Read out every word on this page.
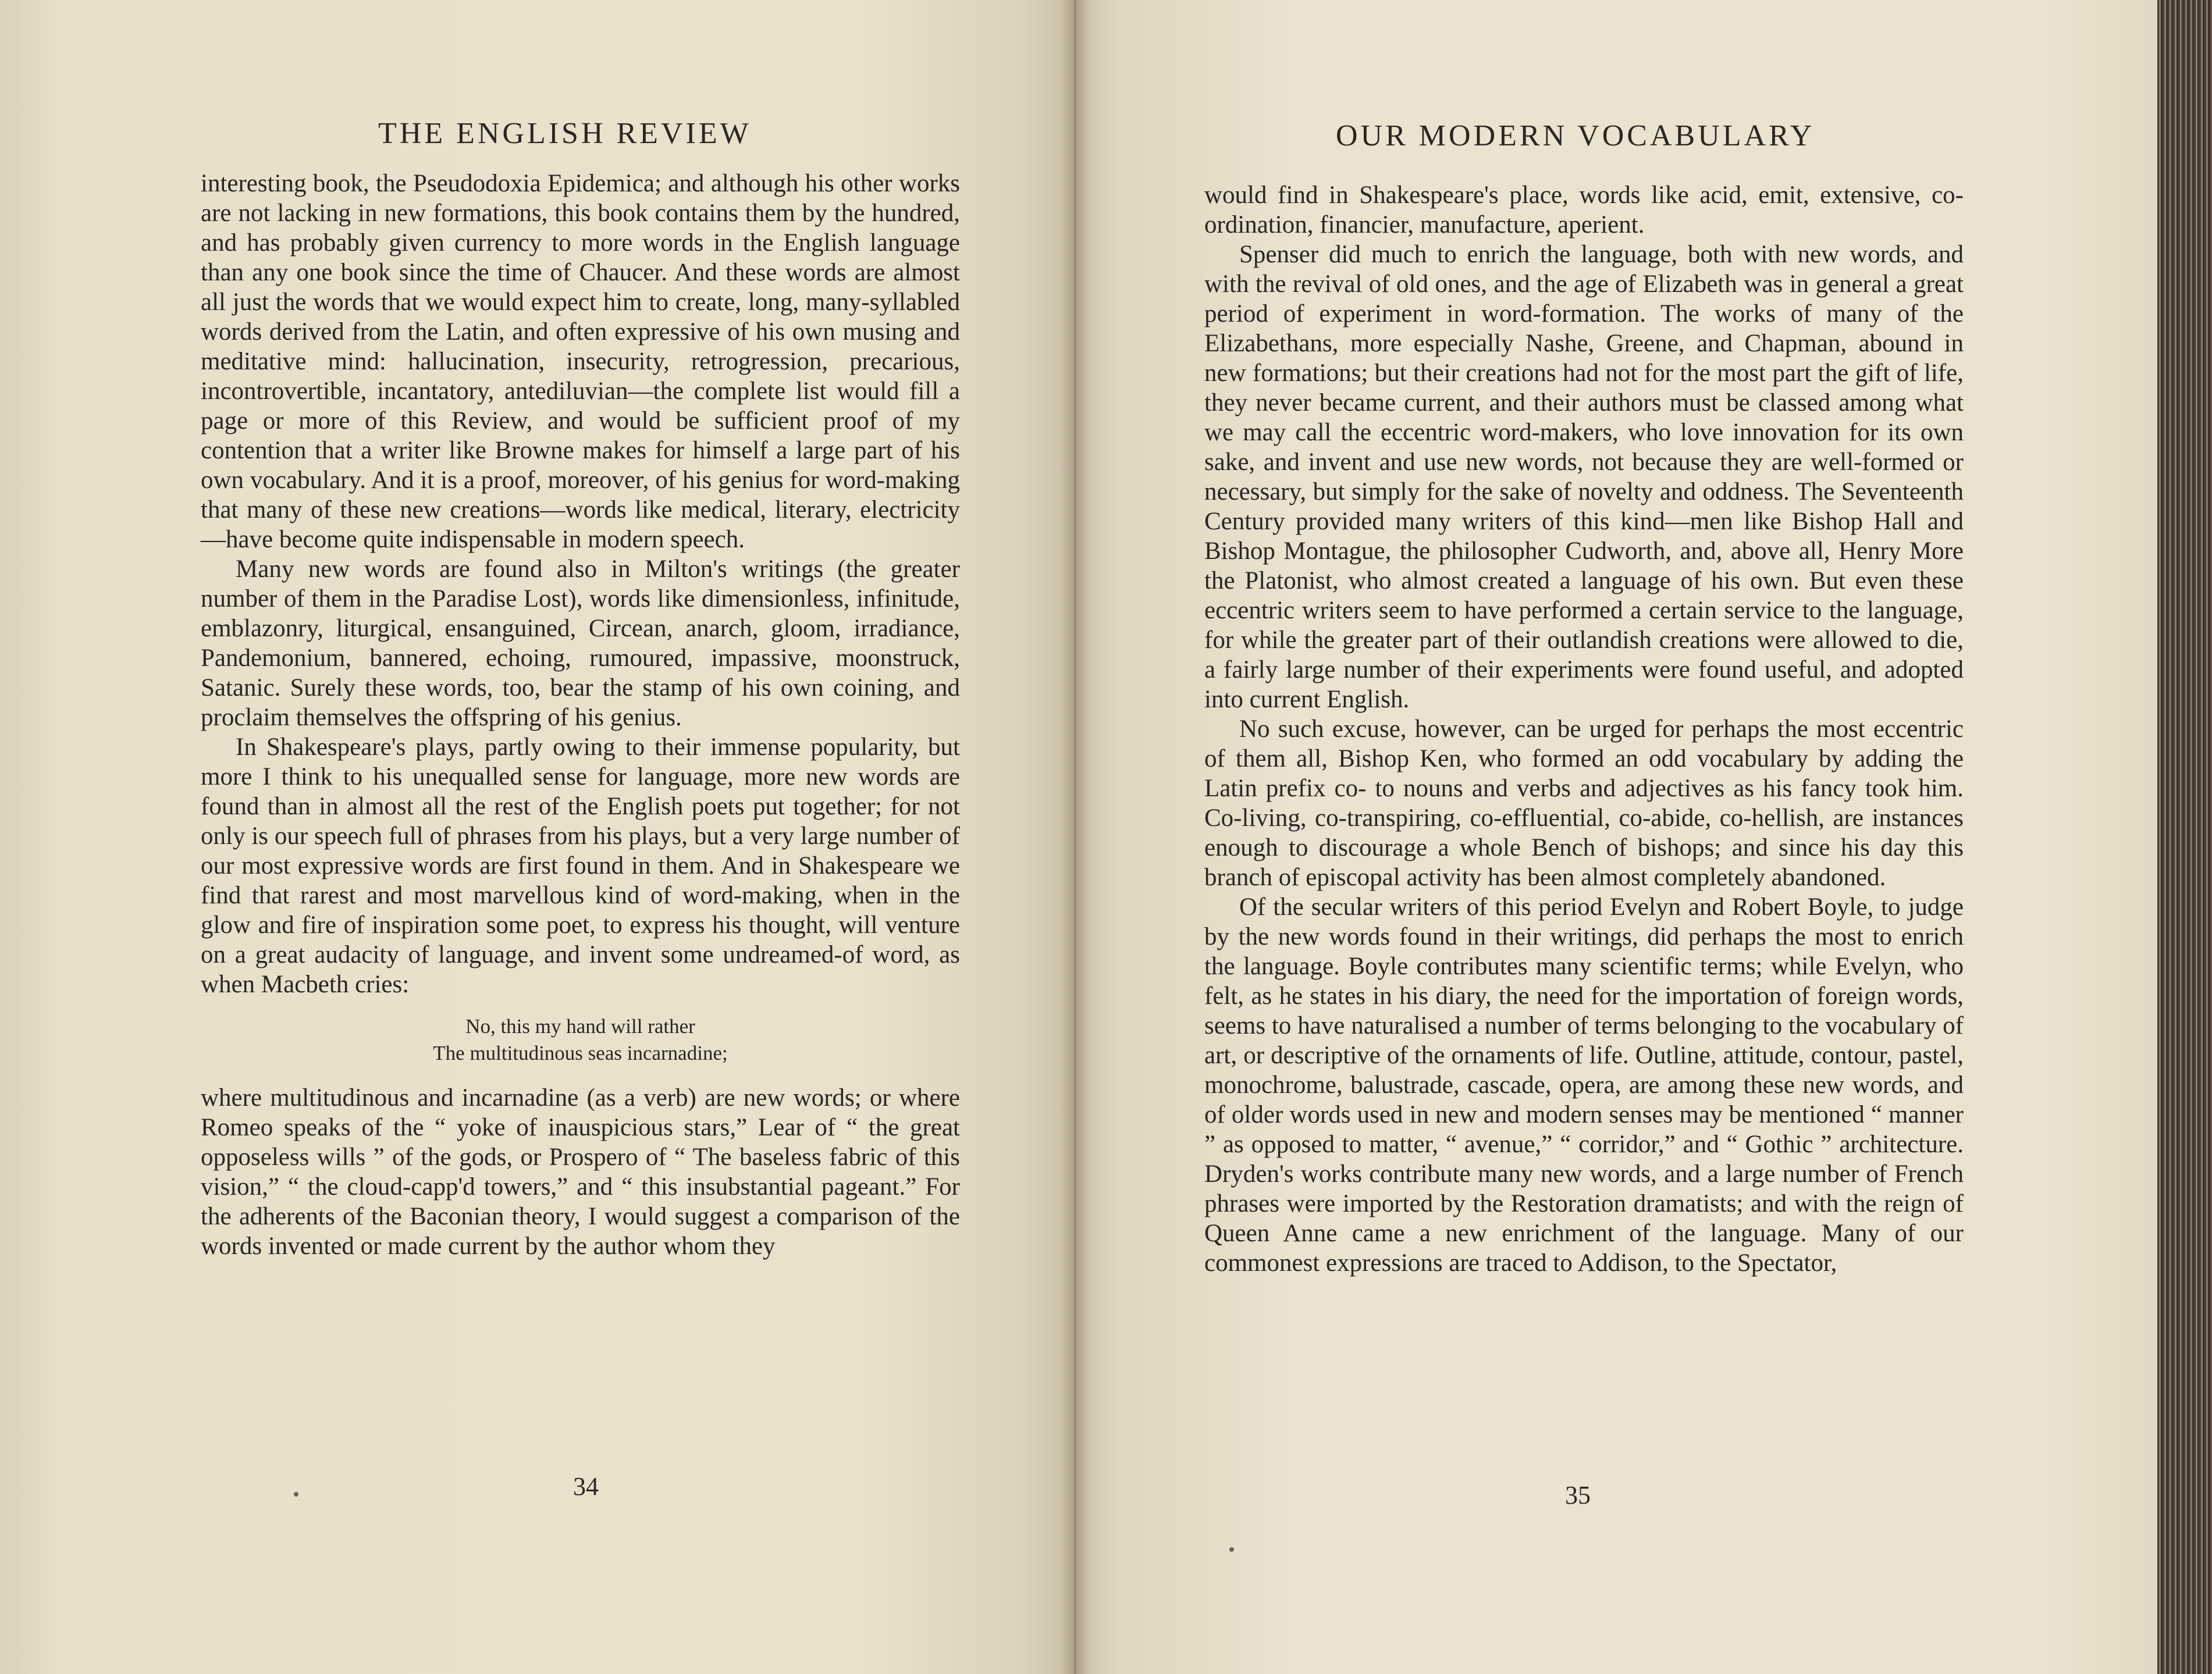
THE ENGLISH REVIEW

interesting book, the Pseudodoxia Epidemica; and although his other works are not lacking in new formations, this book contains them by the hundred, and has probably given currency to more words in the English language than any one book since the time of Chaucer. And these words are almost all just the words that we would expect him to create, long, many-syllabled words derived from the Latin, and often expressive of his own musing and meditative mind: hallucination, insecurity, retrogression, precarious, incontrovertible, incantatory, antediluvian—the complete list would fill a page or more of this Review, and would be sufficient proof of my contention that a writer like Browne makes for himself a large part of his own vocabulary. And it is a proof, moreover, of his genius for word-making that many of these new creations—words like medical, literary, electricity—have become quite indispensable in modern speech.

Many new words are found also in Milton's writings (the greater number of them in the Paradise Lost), words like dimensionless, infinitude, emblazonry, liturgical, ensanguined, Circean, anarch, gloom, irradiance, Pandemonium, bannered, echoing, rumoured, impassive, moonstruck, Satanic. Surely these words, too, bear the stamp of his own coining, and proclaim themselves the offspring of his genius.

In Shakespeare's plays, partly owing to their immense popularity, but more I think to his unequalled sense for language, more new words are found than in almost all the rest of the English poets put together; for not only is our speech full of phrases from his plays, but a very large number of our most expressive words are first found in them. And in Shakespeare we find that rarest and most marvellous kind of word-making, when in the glow and fire of inspiration some poet, to express his thought, will venture on a great audacity of language, and invent some undreamed-of word, as when Macbeth cries:

No, this my hand will rather
The multitudinous seas incarnadine;

where multitudinous and incarnadine (as a verb) are new words; or where Romeo speaks of the “ yoke of inauspicious stars,” Lear of “ the great opposeless wills ” of the gods, or Prospero of “ The baseless fabric of this vision,” “ the cloud-capp'd towers,” and “ this insubstantial pageant.” For the adherents of the Baconian theory, I would suggest a comparison of the words invented or made current by the author whom they

34
OUR MODERN VOCABULARY

would find in Shakespeare's place, words like acid, emit, extensive, co-ordination, financier, manufacture, aperient.

Spenser did much to enrich the language, both with new words, and with the revival of old ones, and the age of Elizabeth was in general a great period of experiment in word-formation. The works of many of the Elizabethans, more especially Nashe, Greene, and Chapman, abound in new formations; but their creations had not for the most part the gift of life, they never became current, and their authors must be classed among what we may call the eccentric word-makers, who love innovation for its own sake, and invent and use new words, not because they are well-formed or necessary, but simply for the sake of novelty and oddness. The Seventeenth Century provided many writers of this kind—men like Bishop Hall and Bishop Montague, the philosopher Cudworth, and, above all, Henry More the Platonist, who almost created a language of his own. But even these eccentric writers seem to have performed a certain service to the language, for while the greater part of their outlandish creations were allowed to die, a fairly large number of their experiments were found useful, and adopted into current English.

No such excuse, however, can be urged for perhaps the most eccentric of them all, Bishop Ken, who formed an odd vocabulary by adding the Latin prefix co- to nouns and verbs and adjectives as his fancy took him. Co-living, co-transpiring, co-effluential, co-abide, co-hellish, are instances enough to discourage a whole Bench of bishops; and since his day this branch of episcopal activity has been almost completely abandoned.

Of the secular writers of this period Evelyn and Robert Boyle, to judge by the new words found in their writings, did perhaps the most to enrich the language. Boyle contributes many scientific terms; while Evelyn, who felt, as he states in his diary, the need for the importation of foreign words, seems to have naturalised a number of terms belonging to the vocabulary of art, or descriptive of the ornaments of life. Outline, attitude, contour, pastel, monochrome, balustrade, cascade, opera, are among these new words, and of older words used in new and modern senses may be mentioned “ manner ” as opposed to matter, “ avenue,” “ corridor,” and “ Gothic ” architecture. Dryden's works contribute many new words, and a large number of French phrases were imported by the Restoration dramatists; and with the reign of Queen Anne came a new enrichment of the language. Many of our commonest expressions are traced to Addison, to the Spectator,

35
